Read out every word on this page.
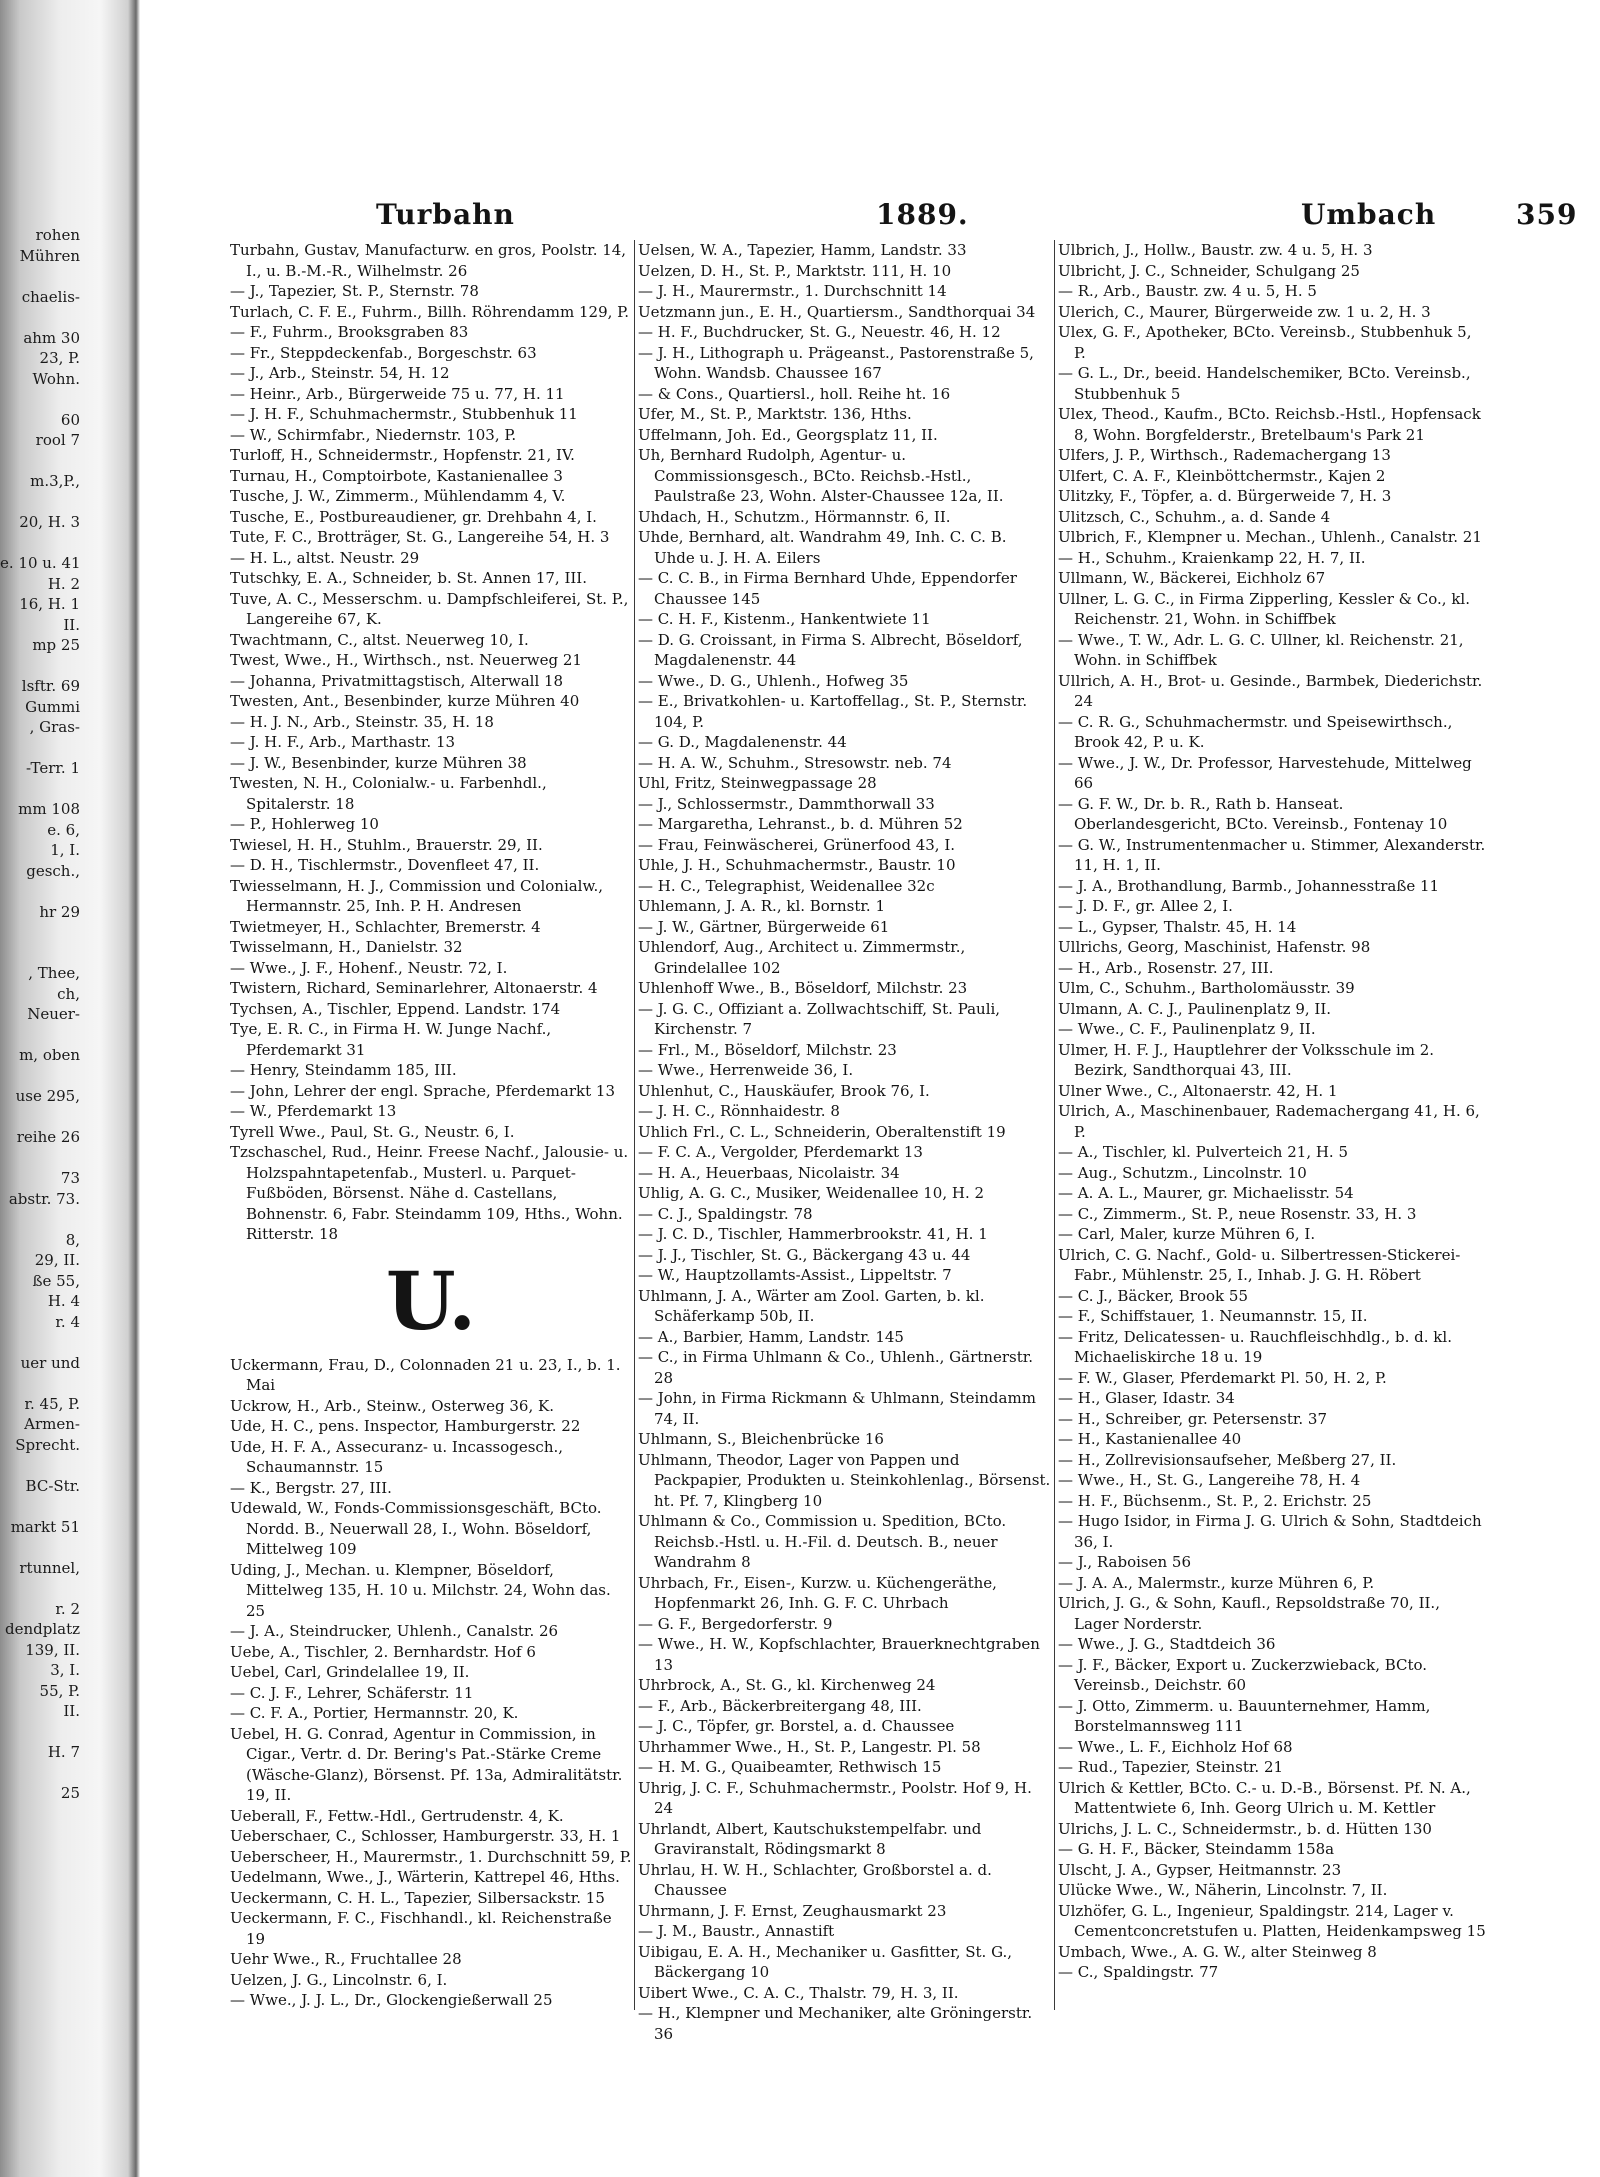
rohen
Mühren
chaelis-
ahm 30
23, P.
Wohn.
60
rool 7
m.3,P.,
20, H. 3
e. 10 u. 41
H. 2
16, H. 1
II.
mp 25
lsftr. 69
Gummi
, Gras-
-Terr. 1
mm 108
e. 6,
1, I.
gesch.,
hr 29
, Thee,
ch,
Neuer-
m, oben
use 295,
reihe 26
73
abstr. 73.
8,
29, II.
ße 55,
H. 4
r. 4
uer und
r. 45, P.
Armen-
Sprecht.
BC-Str.
markt 51
rtunnel,
r. 2
dendplatz
139, II.
3, I.
55, P.
II.
H. 7
25
Turbahn	1889.	Umbach	359
Turbahn, Gustav, Manufacturw. en gros, Poolstr. 14, I., u. B.-M.-R., Wilhelmstr. 26
— J., Tapezier, St. P., Sternstr. 78
Turlach, C. F. E., Fuhrm., Billh. Röhrendamm 129, P.
— F., Fuhrm., Brooksgraben 83
— Fr., Steppdeckenfab., Borgeschstr. 63
— J., Arb., Steinstr. 54, H. 12
— Heinr., Arb., Bürgerweide 75 u. 77, H. 11
— J. H. F., Schuhmachermstr., Stubbenhuk 11
— W., Schirmfabr., Niedernstr. 103, P.
Turloff, H., Schneidermstr., Hopfenstr. 21, IV.
Turnau, H., Comptoirbote, Kastanienallee 3
Tusche, J. W., Zimmerm., Mühlendamm 4, V.
Tusche, E., Postbureaudiener, gr. Drehbahn 4, I.
Tute, F. C., Brotträger, St. G., Langereihe 54, H. 3
— H. L., altst. Neustr. 29
Tutschky, E. A., Schneider, b. St. Annen 17, III.
Tuve, A. C., Messerschm. u. Dampfschleiferei, St. P., Langereihe 67, K.
Twachtmann, C., altst. Neuerweg 10, I.
Twest, Wwe., H., Wirthsch., nst. Neuerweg 21
— Johanna, Privatmittagstisch, Alterwall 18
Twesten, Ant., Besenbinder, kurze Mühren 40
— H. J. N., Arb., Steinstr. 35, H. 18
— J. H. F., Arb., Marthastr. 13
— J. W., Besenbinder, kurze Mühren 38
Twesten, N. H., Colonialw.- u. Farbenhdl., Spitalerstr. 18
— P., Hohlerweg 10
Twiesel, H. H., Stuhlm., Brauerstr. 29, II.
— D. H., Tischlermstr., Dovenfleet 47, II.
Twiesselmann, H. J., Commission und Colonialw., Hermannstr. 25, Inh. P. H. Andresen
Twietmeyer, H., Schlachter, Bremerstr. 4
Twisselmann, H., Danielstr. 32
— Wwe., J. F., Hohenf., Neustr. 72, I.
Twistern, Richard, Seminarlehrer, Altonaerstr. 4
Tychsen, A., Tischler, Eppend. Landstr. 174
Tye, E. R. C., in Firma H. W. Junge Nachf., Pferdemarkt 31
— Henry, Steindamm 185, III.
— John, Lehrer der engl. Sprache, Pferdemarkt 13
— W., Pferdemarkt 13
Tyrell Wwe., Paul, St. G., Neustr. 6, I.
Tzschaschel, Rud., Heinr. Freese Nachf., Jalousie- u. Holzspahntapetenfab., Musterl. u. Parquet-Fußböden, Börsenst. Nähe d. Castellans, Bohnenstr. 6, Fabr. Steindamm 109, Hths., Wohn. Ritterstr. 18
U.
Uckermann, Frau, D., Colonnaden 21 u. 23, I., b. 1. Mai
Uckrow, H., Arb., Steinw., Osterweg 36, K.
Ude, H. C., pens. Inspector, Hamburgerstr. 22
Ude, H. F. A., Assecuranz- u. Incassogesch., Schaumannstr. 15
— K., Bergstr. 27, III.
Udewald, W., Fonds-Commissionsgeschäft, BCto. Nordd. B., Neuerwall 28, I., Wohn. Böseldorf, Mittelweg 109
Uding, J., Mechan. u. Klempner, Böseldorf, Mittelweg 135, H. 10 u. Milchstr. 24, Wohn das. 25
— J. A., Steindrucker, Uhlenh., Canalstr. 26
Uebe, A., Tischler, 2. Bernhardstr. Hof 6
Uebel, Carl, Grindelallee 19, II.
— C. J. F., Lehrer, Schäferstr. 11
— C. F. A., Portier, Hermannstr. 20, K.
Uebel, H. G. Conrad, Agentur in Commission, in Cigar., Vertr. d. Dr. Bering's Pat.-Stärke Creme (Wäsche-Glanz), Börsenst. Pf. 13a, Admiralitätstr. 19, II.
Ueberall, F., Fettw.-Hdl., Gertrudenstr. 4, K.
Ueberschaer, C., Schlosser, Hamburgerstr. 33, H. 1
Ueberscheer, H., Maurermstr., 1. Durchschnitt 59, P.
Uedelmann, Wwe., J., Wärterin, Kattrepel 46, Hths.
Ueckermann, C. H. L., Tapezier, Silbersackstr. 15
Ueckermann, F. C., Fischhandl., kl. Reichenstraße 19
Uehr Wwe., R., Fruchtallee 28
Uelzen, J. G., Lincolnstr. 6, I.
— Wwe., J. J. L., Dr., Glockengießerwall 25
Uelsen, W. A., Tapezier, Hamm, Landstr. 33
Uelzen, D. H., St. P., Marktstr. 111, H. 10
— J. H., Maurermstr., 1. Durchschnitt 14
Uetzmann jun., E. H., Quartiersm., Sandthorquai 34
— H. F., Buchdrucker, St. G., Neuestr. 46, H. 12
— J. H., Lithograph u. Prägeanst., Pastorenstraße 5, Wohn. Wandsb. Chaussee 167
— & Cons., Quartiersl., holl. Reihe ht. 16
Ufer, M., St. P., Marktstr. 136, Hths.
Uffelmann, Joh. Ed., Georgsplatz 11, II.
Uh, Bernhard Rudolph, Agentur- u. Commissionsgesch., BCto. Reichsb.-Hstl., Paulstraße 23, Wohn. Alster-Chaussee 12a, II.
Uhdach, H., Schutzm., Hörmannstr. 6, II.
Uhde, Bernhard, alt. Wandrahm 49, Inh. C. C. B. Uhde u. J. H. A. Eilers
— C. C. B., in Firma Bernhard Uhde, Eppendorfer Chaussee 145
— C. H. F., Kistenm., Hankentwiete 11
— D. G. Croissant, in Firma S. Albrecht, Böseldorf, Magdalenenstr. 44
— Wwe., D. G., Uhlenh., Hofweg 35
— E., Brivatkohlen- u. Kartoffellag., St. P., Sternstr. 104, P.
— G. D., Magdalenenstr. 44
— H. A. W., Schuhm., Stresowstr. neb. 74
Uhl, Fritz, Steinwegpassage 28
— J., Schlossermstr., Dammthorwall 33
— Margaretha, Lehranst., b. d. Mühren 52
— Frau, Feinwäscherei, Grünerfood 43, I.
Uhle, J. H., Schuhmachermstr., Baustr. 10
— H. C., Telegraphist, Weidenallee 32c
Uhlemann, J. A. R., kl. Bornstr. 1
— J. W., Gärtner, Bürgerweide 61
Uhlendorf, Aug., Architect u. Zimmermstr., Grindelallee 102
Uhlenhoff Wwe., B., Böseldorf, Milchstr. 23
— J. G. C., Offiziant a. Zollwachtschiff, St. Pauli, Kirchenstr. 7
— Frl., M., Böseldorf, Milchstr. 23
— Wwe., Herrenweide 36, I.
Uhlenhut, C., Hauskäufer, Brook 76, I.
— J. H. C., Rönnhaidestr. 8
Uhlich Frl., C. L., Schneiderin, Oberaltenstift 19
— F. C. A., Vergolder, Pferdemarkt 13
— H. A., Heuerbaas, Nicolaistr. 34
Uhlig, A. G. C., Musiker, Weidenallee 10, H. 2
— C. J., Spaldingstr. 78
— J. C. D., Tischler, Hammerbrookstr. 41, H. 1
— J. J., Tischler, St. G., Bäckergang 43 u. 44
— W., Hauptzollamts-Assist., Lippeltstr. 7
Uhlmann, J. A., Wärter am Zool. Garten, b. kl. Schäferkamp 50b, II.
— A., Barbier, Hamm, Landstr. 145
— C., in Firma Uhlmann & Co., Uhlenh., Gärtnerstr. 28
— John, in Firma Rickmann & Uhlmann, Steindamm 74, II.
Uhlmann, S., Bleichenbrücke 16
Uhlmann, Theodor, Lager von Pappen und Packpapier, Produkten u. Steinkohlenlag., Börsenst. ht. Pf. 7, Klingberg 10
Uhlmann & Co., Commission u. Spedition, BCto. Reichsb.-Hstl. u. H.-Fil. d. Deutsch. B., neuer Wandrahm 8
Uhrbach, Fr., Eisen-, Kurzw. u. Küchengeräthe, Hopfenmarkt 26, Inh. G. F. C. Uhrbach
— G. F., Bergedorferstr. 9
— Wwe., H. W., Kopfschlachter, Brauerknechtgraben 13
Uhrbrock, A., St. G., kl. Kirchenweg 24
— F., Arb., Bäckerbreitergang 48, III.
— J. C., Töpfer, gr. Borstel, a. d. Chaussee
Uhrhammer Wwe., H., St. P., Langestr. Pl. 58
— H. M. G., Quaibeamter, Rethwisch 15
Uhrig, J. C. F., Schuhmachermstr., Poolstr. Hof 9, H. 24
Uhrlandt, Albert, Kautschukstempelfabr. und Graviranstalt, Rödingsmarkt 8
Uhrlau, H. W. H., Schlachter, Großborstel a. d. Chaussee
Uhrmann, J. F. Ernst, Zeughausmarkt 23
— J. M., Baustr., Annastift
Uibigau, E. A. H., Mechaniker u. Gasfitter, St. G., Bäckergang 10
Uibert Wwe., C. A. C., Thalstr. 79, H. 3, II.
— H., Klempner und Mechaniker, alte Gröningerstr. 36
Ulbrich, J., Hollw., Baustr. zw. 4 u. 5, H. 3
Ulbricht, J. C., Schneider, Schulgang 25
— R., Arb., Baustr. zw. 4 u. 5, H. 5
Ulerich, C., Maurer, Bürgerweide zw. 1 u. 2, H. 3
Ulex, G. F., Apotheker, BCto. Vereinsb., Stubbenhuk 5, P.
— G. L., Dr., beeid. Handelschemiker, BCto. Vereinsb., Stubbenhuk 5
Ulex, Theod., Kaufm., BCto. Reichsb.-Hstl., Hopfensack 8, Wohn. Borgfelderstr., Bretelbaum's Park 21
Ulfers, J. P., Wirthsch., Rademachergang 13
Ulfert, C. A. F., Kleinböttchermstr., Kajen 2
Ulitzky, F., Töpfer, a. d. Bürgerweide 7, H. 3
Ulitzsch, C., Schuhm., a. d. Sande 4
Ulbrich, F., Klempner u. Mechan., Uhlenh., Canalstr. 21
— H., Schuhm., Kraienkamp 22, H. 7, II.
Ullmann, W., Bäckerei, Eichholz 67
Ullner, L. G. C., in Firma Zipperling, Kessler & Co., kl. Reichenstr. 21, Wohn. in Schiffbek
— Wwe., T. W., Adr. L. G. C. Ullner, kl. Reichenstr. 21, Wohn. in Schiffbek
Ullrich, A. H., Brot- u. Gesinde., Barmbek, Diederichstr. 24
— C. R. G., Schuhmachermstr. und Speisewirthsch., Brook 42, P. u. K.
— Wwe., J. W., Dr. Professor, Harvestehude, Mittelweg 66
— G. F. W., Dr. b. R., Rath b. Hanseat. Oberlandesgericht, BCto. Vereinsb., Fontenay 10
— G. W., Instrumentenmacher u. Stimmer, Alexanderstr. 11, H. 1, II.
— J. A., Brothandlung, Barmb., Johannesstraße 11
— J. D. F., gr. Allee 2, I.
— L., Gypser, Thalstr. 45, H. 14
Ullrichs, Georg, Maschinist, Hafenstr. 98
— H., Arb., Rosenstr. 27, III.
Ulm, C., Schuhm., Bartholomäusstr. 39
Ulmann, A. C. J., Paulinenplatz 9, II.
— Wwe., C. F., Paulinenplatz 9, II.
Ulmer, H. F. J., Hauptlehrer der Volksschule im 2. Bezirk, Sandthorquai 43, III.
Ulner Wwe., C., Altonaerstr. 42, H. 1
Ulrich, A., Maschinenbauer, Rademachergang 41, H. 6, P.
— A., Tischler, kl. Pulverteich 21, H. 5
— Aug., Schutzm., Lincolnstr. 10
— A. A. L., Maurer, gr. Michaelisstr. 54
— C., Zimmerm., St. P., neue Rosenstr. 33, H. 3
— Carl, Maler, kurze Mühren 6, I.
Ulrich, C. G. Nachf., Gold- u. Silbertressen-Stickerei-Fabr., Mühlenstr. 25, I., Inhab. J. G. H. Röbert
— C. J., Bäcker, Brook 55
— F., Schiffstauer, 1. Neumannstr. 15, II.
— Fritz, Delicatessen- u. Rauchfleischhdlg., b. d. kl. Michaeliskirche 18 u. 19
— F. W., Glaser, Pferdemarkt Pl. 50, H. 2, P.
— H., Glaser, Idastr. 34
— H., Schreiber, gr. Petersenstr. 37
— H., Kastanienallee 40
— H., Zollrevisionsaufseher, Meßberg 27, II.
— Wwe., H., St. G., Langereihe 78, H. 4
— H. F., Büchsenm., St. P., 2. Erichstr. 25
— Hugo Isidor, in Firma J. G. Ulrich & Sohn, Stadtdeich 36, I.
— J., Raboisen 56
— J. A. A., Malermstr., kurze Mühren 6, P.
Ulrich, J. G., & Sohn, Kaufl., Repsoldstraße 70, II., Lager Norderstr.
— Wwe., J. G., Stadtdeich 36
— J. F., Bäcker, Export u. Zuckerzwieback, BCto. Vereinsb., Deichstr. 60
— J. Otto, Zimmerm. u. Bauunternehmer, Hamm, Borstelmannsweg 111
— Wwe., L. F., Eichholz Hof 68
— Rud., Tapezier, Steinstr. 21
Ulrich & Kettler, BCto. C.- u. D.-B., Börsenst. Pf. N. A., Mattentwiete 6, Inh. Georg Ulrich u. M. Kettler
Ulrichs, J. L. C., Schneidermstr., b. d. Hütten 130
— G. H. F., Bäcker, Steindamm 158a
Ulscht, J. A., Gypser, Heitmannstr. 23
Ulücke Wwe., W., Näherin, Lincolnstr. 7, II.
Ulzhöfer, G. L., Ingenieur, Spaldingstr. 214, Lager v. Cementconcretstufen u. Platten, Heidenkampsweg 15
Umbach, Wwe., A. G. W., alter Steinweg 8
— C., Spaldingstr. 77
